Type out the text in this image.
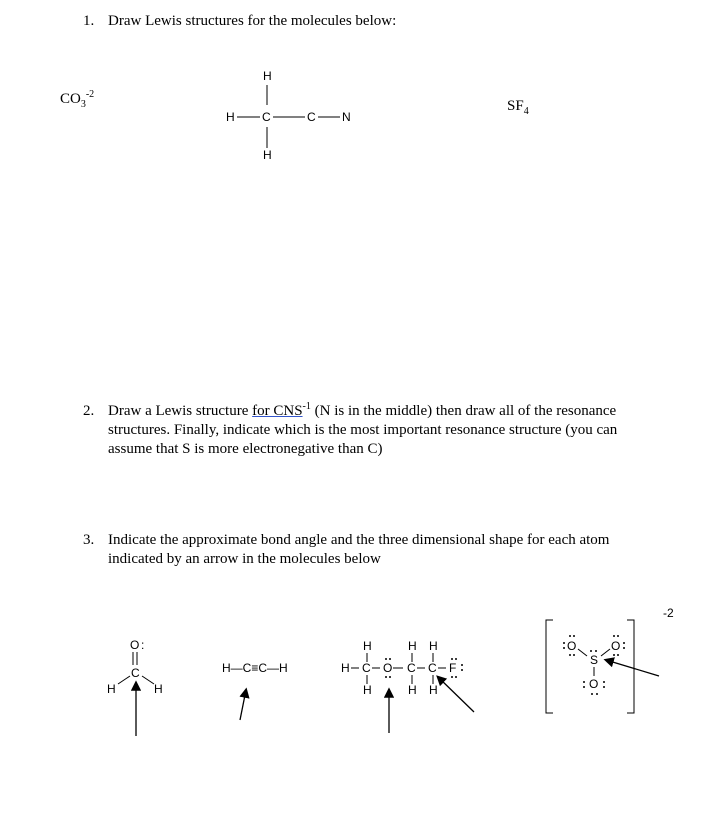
1. Draw Lewis structures for the molecules below:
$CO_3^{-2}$
$SF_4$
H
H C	C N
H
2. Draw a Lewis structure for $CNS^{-1}$ (N is in the middle) then draw all of the resonance
structures. Finally, indicate which is the most important resonance structure (you can
assume that S is more electronegative than C)
3. Indicate the approximate bond angle and the three dimensional shape for each atom
indicated by an arrow in the molecules below
O :
C
H	H
H—C≡C—H
H	H H
H C O C C F
H	H H
-2
O	O
S
O
